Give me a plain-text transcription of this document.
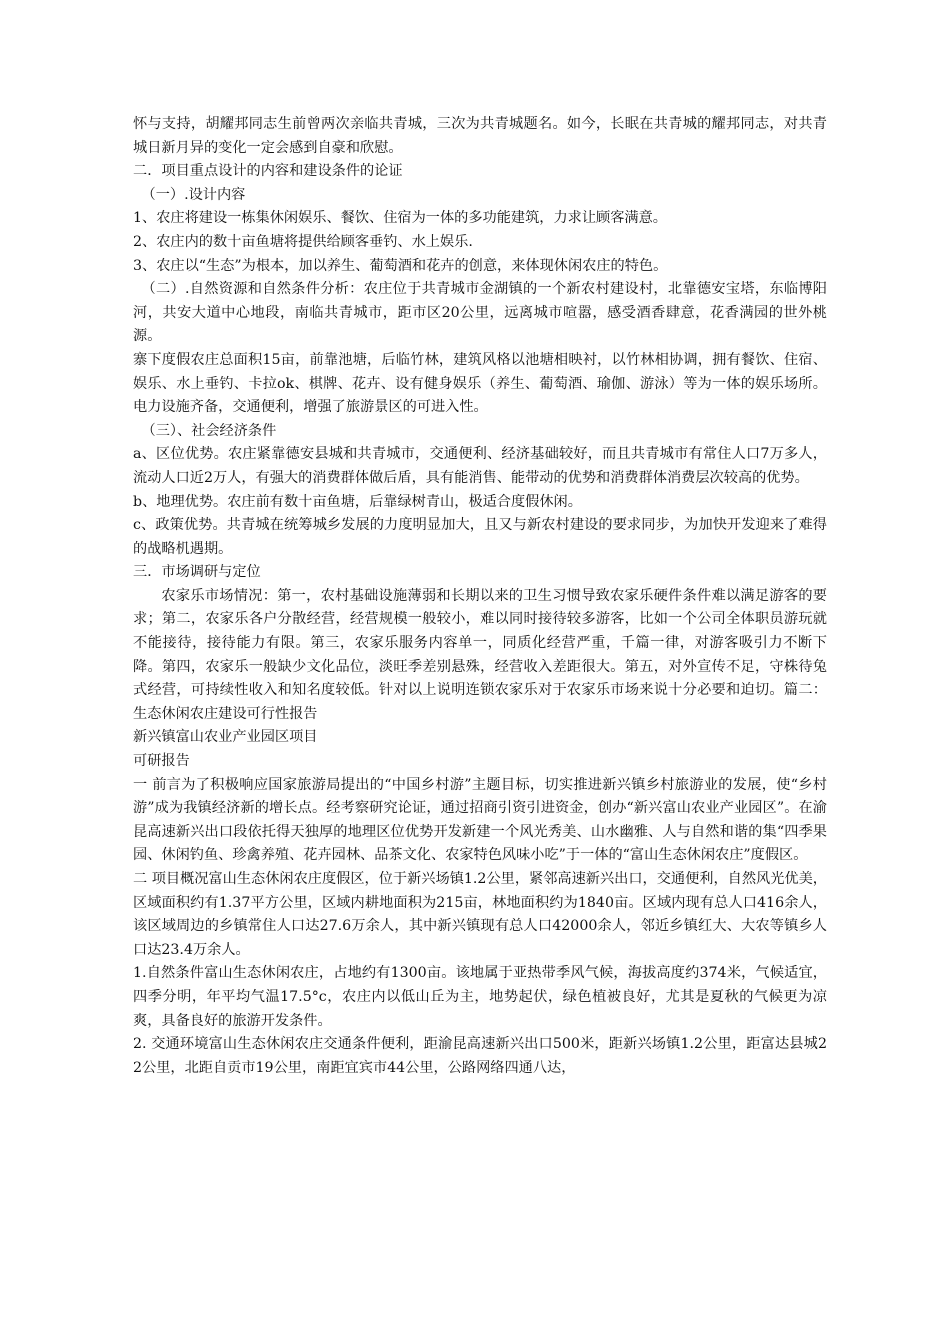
怀与支持，胡耀邦同志生前曾两次亲临共青城，三次为共青城题名。如今，长眠在共青城的耀邦同志，对共青城日新月异的变化一定会感到自豪和欣慰。

二．项目重点设计的内容和建设条件的论证

（一）.设计内容

1、农庄将建设一栋集休闲娱乐、餐饮、住宿为一体的多功能建筑，力求让顾客满意。

2、农庄内的数十亩鱼塘将提供给顾客垂钓、水上娱乐.

3、农庄以“生态”为根本，加以养生、葡萄酒和花卉的创意，来体现休闲农庄的特色。

（二）.自然资源和自然条件分析：农庄位于共青城市金湖镇的一个新农村建设村，北靠德安宝塔，东临博阳河，共安大道中心地段，南临共青城市，距市区20公里，远离城市喧嚣，感受酒香肆意，花香满园的世外桃源。

寨下度假农庄总面积15亩，前靠池塘，后临竹林，建筑风格以池塘相映衬，以竹林相协调，拥有餐饮、住宿、娱乐、水上垂钓、卡拉ok、棋牌、花卉、设有健身娱乐（养生、葡萄酒、瑜伽、游泳）等为一体的娱乐场所。电力设施齐备，交通便利，增强了旅游景区的可进入性。

（三）、社会经济条件

a、区位优势。农庄紧靠德安县城和共青城市，交通便利、经济基础较好，而且共青城市有常住人口7万多人，流动人口近2万人，有强大的消费群体做后盾，具有能消售、能带动的优势和消费群体消费层次较高的优势。

b、地理优势。农庄前有数十亩鱼塘，后靠绿树青山，极适合度假休闲。

c、政策优势。共青城在统筹城乡发展的力度明显加大，且又与新农村建设的要求同步，为加快开发迎来了难得的战略机遇期。

三．市场调研与定位

农家乐市场情况：第一，农村基础设施薄弱和长期以来的卫生习惯导致农家乐硬件条件难以满足游客的要求；第二，农家乐各户分散经营，经营规模一般较小，难以同时接待较多游客，比如一个公司全体职员游玩就不能接待，接待能力有限。第三，农家乐服务内容单一，同质化经营严重，千篇一律，对游客吸引力不断下降。第四，农家乐一般缺少文化品位，淡旺季差别悬殊，经营收入差距很大。第五，对外宣传不足，守株待兔式经营，可持续性收入和知名度较低。针对以上说明连锁农家乐对于农家乐市场来说十分必要和迫切。篇二：生态休闲农庄建设可行性报告

新兴镇富山农业产业园区项目

可研报告

一 前言为了积极响应国家旅游局提出的“中国乡村游”主题目标，切实推进新兴镇乡村旅游业的发展，使“乡村游”成为我镇经济新的增长点。经考察研究论证，通过招商引资引进资金，创办“新兴富山农业产业园区”。在渝昆高速新兴出口段依托得天独厚的地理区位优势开发新建一个风光秀美、山水幽雅、人与自然和谐的集“四季果园、休闲钓鱼、珍禽养殖、花卉园林、品茶文化、农家特色风味小吃”于一体的“富山生态休闲农庄”度假区。

二 项目概况富山生态休闲农庄度假区，位于新兴场镇1.2公里，紧邻高速新兴出口，交通便利，自然风光优美，区域面积约有1.37平方公里，区域内耕地面积为215亩，林地面积约为1840亩。区域内现有总人口416余人，该区域周边的乡镇常住人口达27.6万余人，其中新兴镇现有总人口42000余人，邻近乡镇红大、大农等镇乡人口达23.4万余人。

1.自然条件富山生态休闲农庄，占地约有1300亩。该地属于亚热带季风气候，海拔高度约374米，气候适宜，四季分明，年平均气温17.5°c，农庄内以低山丘为主，地势起伏，绿色植被良好，尤其是夏秋的气候更为凉爽，具备良好的旅游开发条件。

2. 交通环境富山生态休闲农庄交通条件便利，距渝昆高速新兴出口500米，距新兴场镇1.2公里，距富达县城22公里，北距自贡市19公里，南距宜宾市44公里，公路网络四通八达，
